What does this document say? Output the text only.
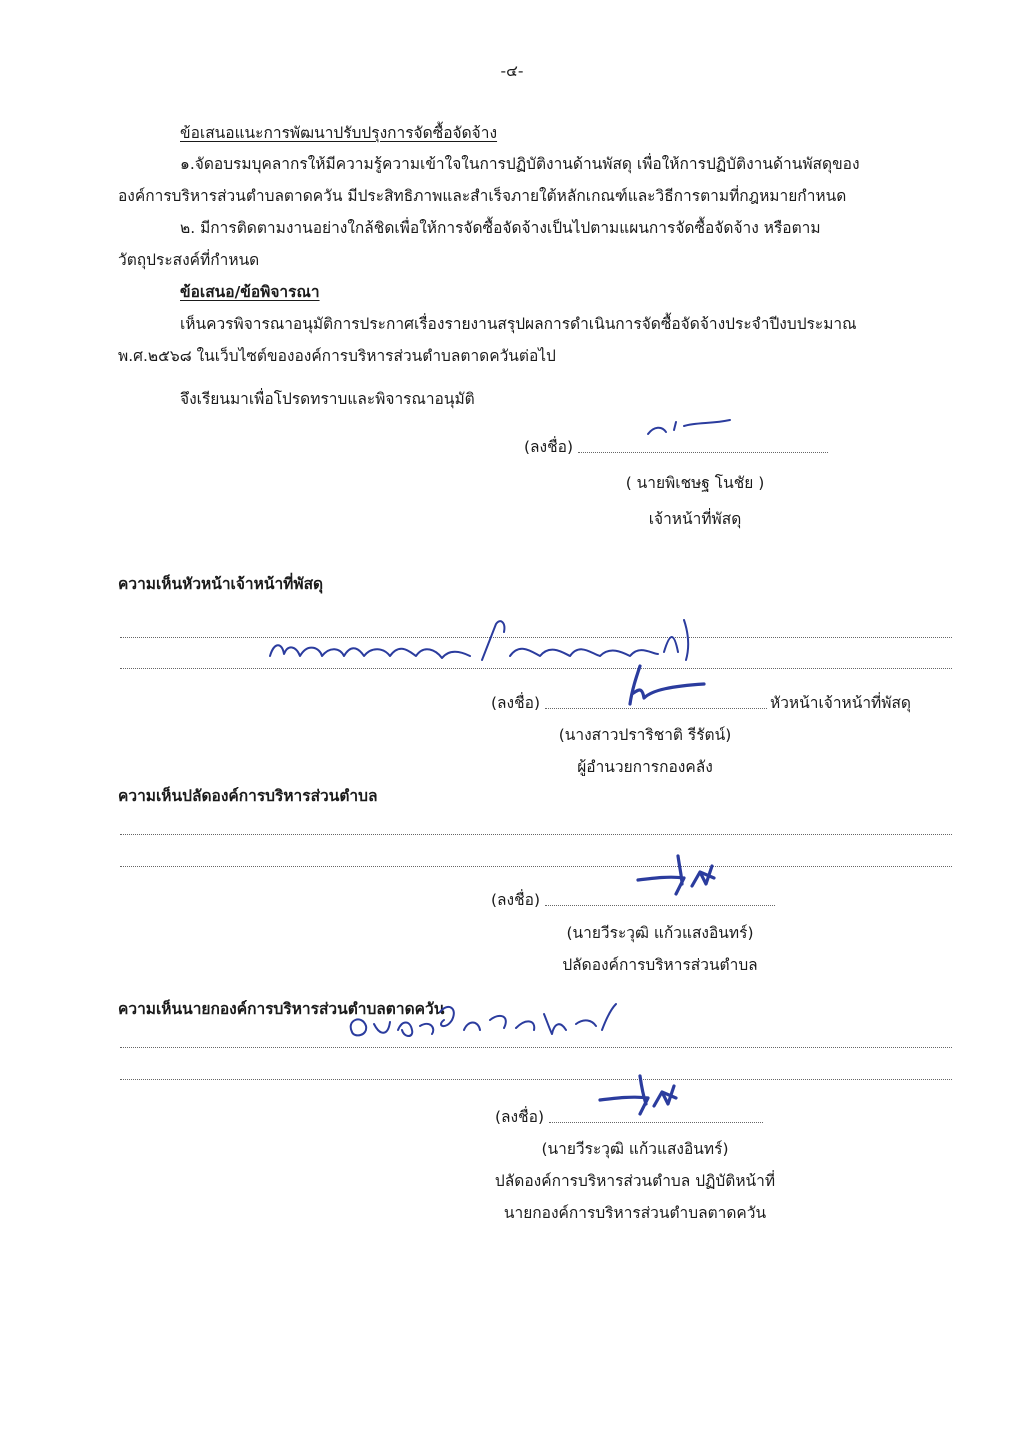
-๔-
ข้อเสนอแนะการพัฒนาปรับปรุงการจัดซื้อจัดจ้าง
๑.จัดอบรมบุคลากรให้มีความรู้ความเข้าใจในการปฏิบัติงานด้านพัสดุ เพื่อให้การปฏิบัติงานด้านพัสดุของ
องค์การบริหารส่วนตำบลตาดควัน มีประสิทธิภาพและสำเร็จภายใต้หลักเกณฑ์และวิธีการตามที่กฎหมายกำหนด
๒. มีการติดตามงานอย่างใกล้ชิดเพื่อให้การจัดซื้อจัดจ้างเป็นไปตามแผนการจัดซื้อจัดจ้าง หรือตาม
วัตถุประสงค์ที่กำหนด
ข้อเสนอ/ข้อพิจารณา
เห็นควรพิจารณาอนุมัติการประกาศเรื่องรายงานสรุปผลการดำเนินการจัดซื้อจัดจ้างประจำปีงบประมาณ
พ.ศ.๒๕๖๘ ในเว็บไซต์ขององค์การบริหารส่วนตำบลตาดควันต่อไป
จึงเรียนมาเพื่อโปรดทราบและพิจารณาอนุมัติ
(ลงชื่อ)
( นายพิเชษฐ โนชัย )
เจ้าหน้าที่พัสดุ
ความเห็นหัวหน้าเจ้าหน้าที่พัสดุ
(ลงชื่อ)	หัวหน้าเจ้าหน้าที่พัสดุ
(นางสาวปราริชาติ รีรัตน์)
ผู้อำนวยการกองคลัง
ความเห็นปลัดองค์การบริหารส่วนตำบล
(ลงชื่อ)
(นายวีระวุฒิ แก้วแสงอินทร์)
ปลัดองค์การบริหารส่วนตำบล
ความเห็นนายกองค์การบริหารส่วนตำบลตาดควัน
(ลงชื่อ)
(นายวีระวุฒิ แก้วแสงอินทร์)
ปลัดองค์การบริหารส่วนตำบล ปฏิบัติหน้าที่
นายกองค์การบริหารส่วนตำบลตาดควัน
